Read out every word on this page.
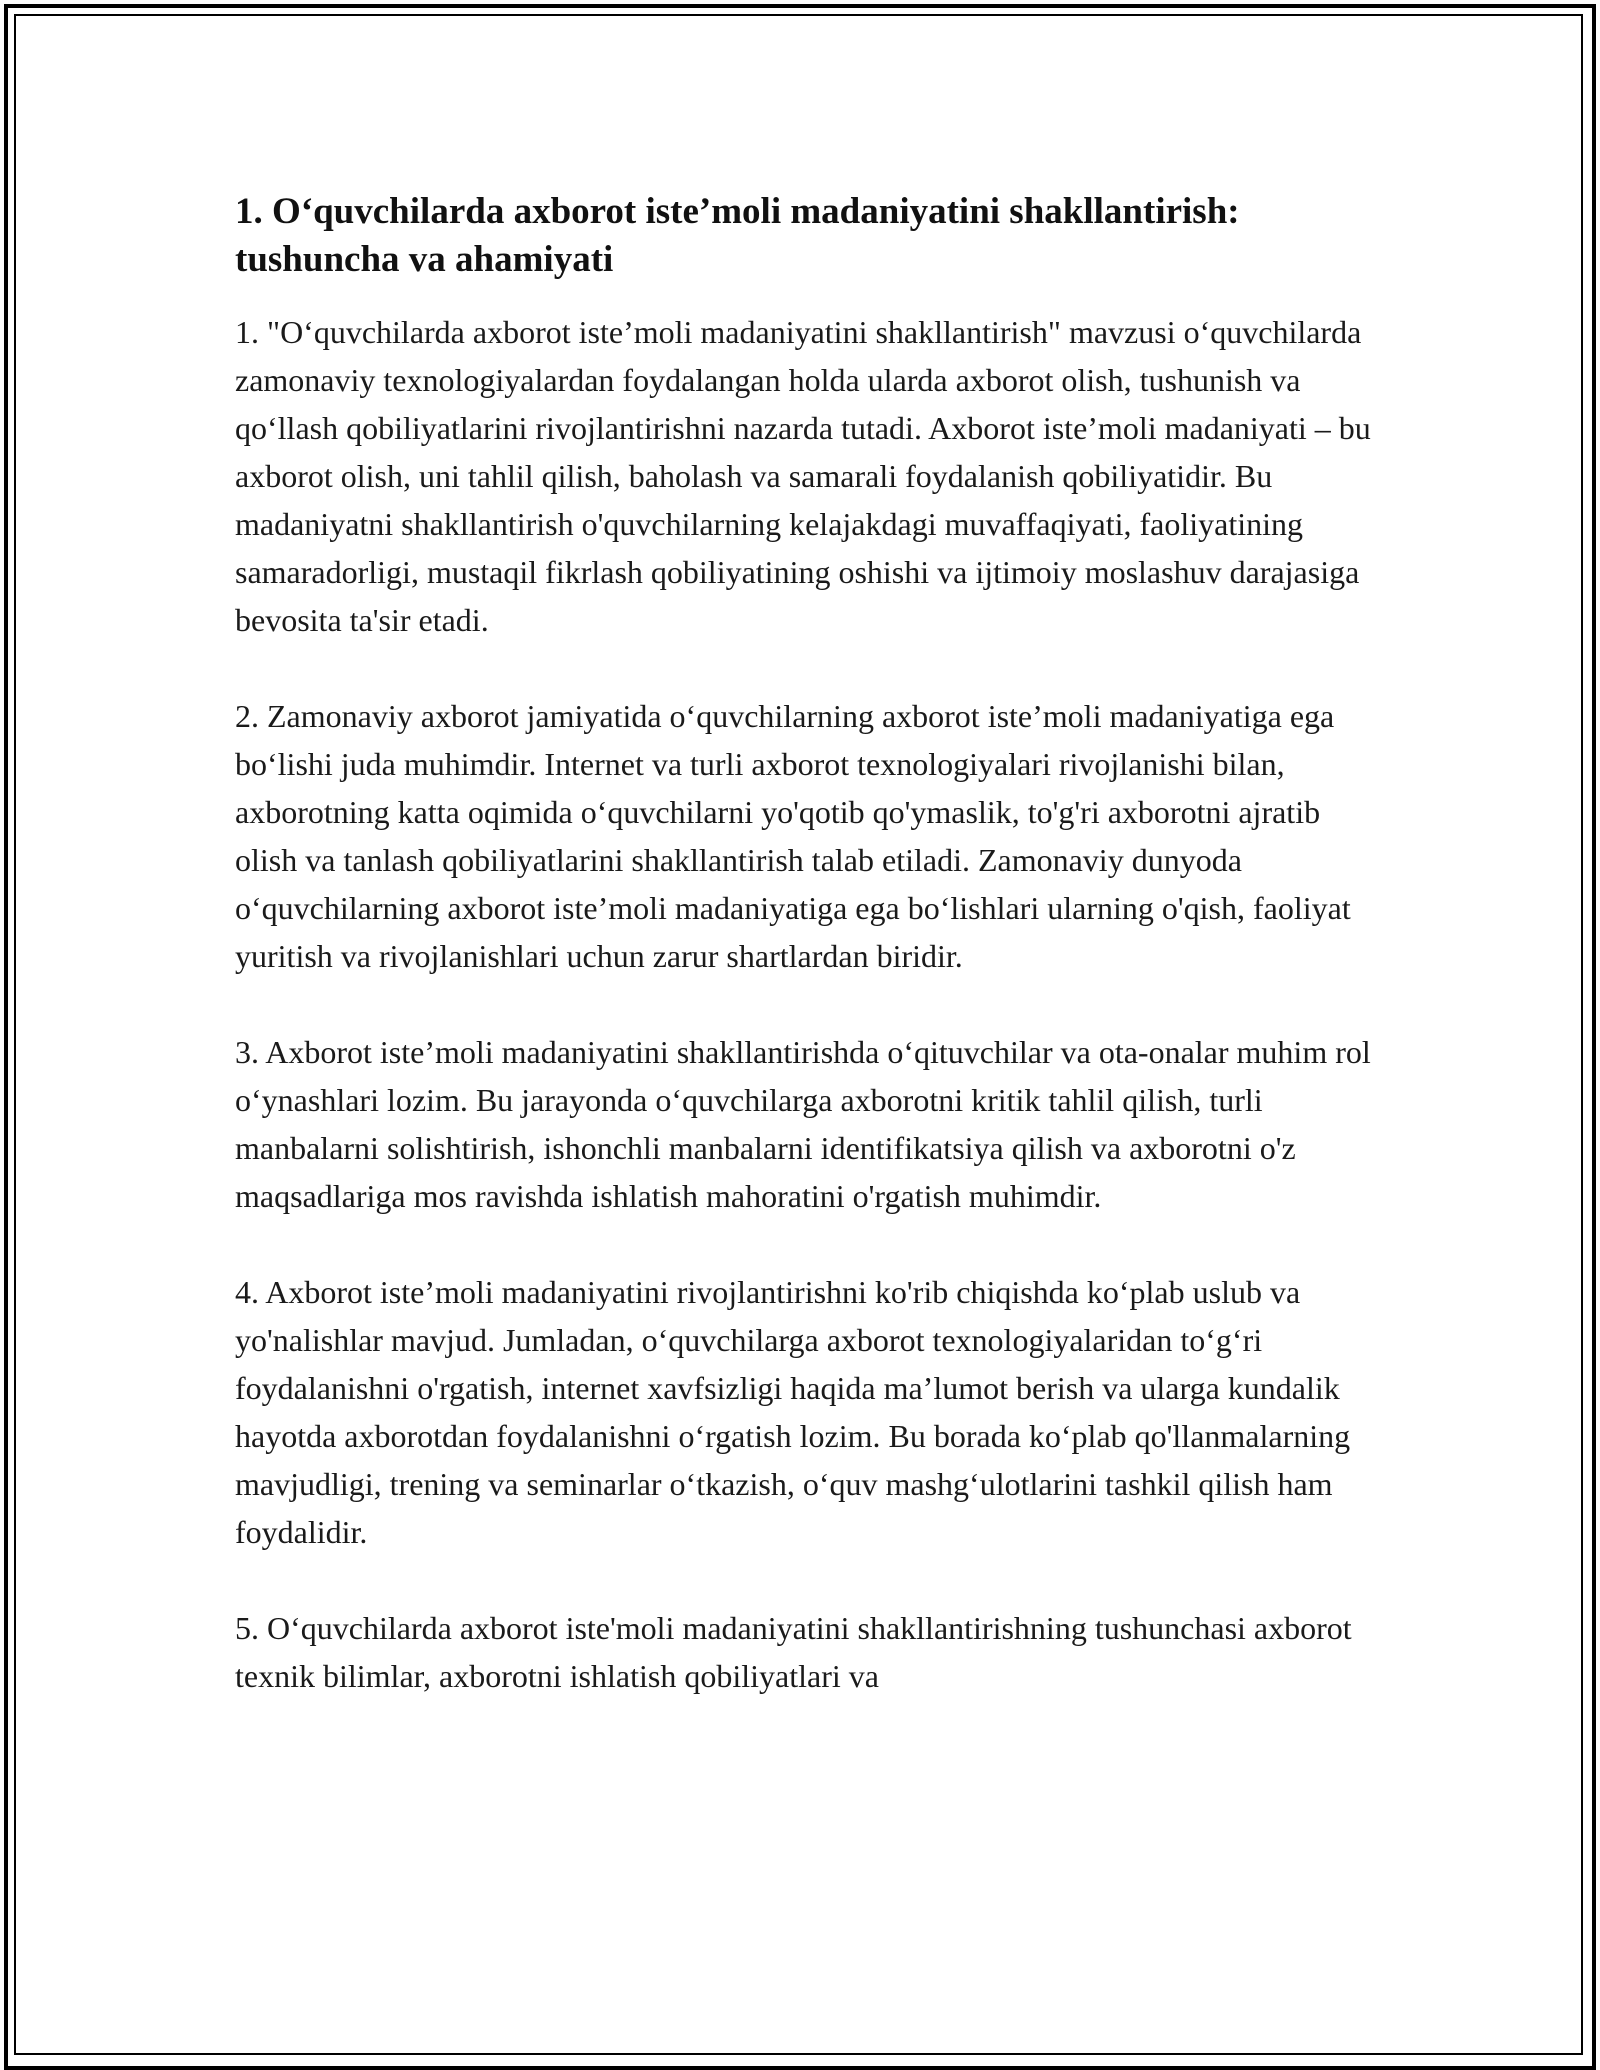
1. O‘quvchilarda axborot iste’moli madaniyatini shakllantirish: tushuncha va ahamiyati

1. "O‘quvchilarda axborot iste’moli madaniyatini shakllantirish" mavzusi o‘quvchilarda zamonaviy texnologiyalardan foydalangan holda ularda axborot olish, tushunish va qo‘llash qobiliyatlarini rivojlantirishni nazarda tutadi. Axborot iste’moli madaniyati – bu axborot olish, uni tahlil qilish, baholash va samarali foydalanish qobiliyatidir. Bu madaniyatni shakllantirish o'quvchilarning kelajakdagi muvaffaqiyati, faoliyatining samaradorligi, mustaqil fikrlash qobiliyatining oshishi va ijtimoiy moslashuv darajasiga bevosita ta'sir etadi.

2. Zamonaviy axborot jamiyatida o‘quvchilarning axborot iste’moli madaniyatiga ega bo‘lishi juda muhimdir. Internet va turli axborot texnologiyalari rivojlanishi bilan, axborotning katta oqimida o‘quvchilarni yo'qotib qo'ymaslik, to'g'ri axborotni ajratib olish va tanlash qobiliyatlarini shakllantirish talab etiladi. Zamonaviy dunyoda o‘quvchilarning axborot iste’moli madaniyatiga ega bo‘lishlari ularning o'qish, faoliyat yuritish va rivojlanishlari uchun zarur shartlardan biridir.

3. Axborot iste’moli madaniyatini shakllantirishda o‘qituvchilar va ota-onalar muhim rol o‘ynashlari lozim. Bu jarayonda o‘quvchilarga axborotni kritik tahlil qilish, turli manbalarni solishtirish, ishonchli manbalarni identifikatsiya qilish va axborotni o'z maqsadlariga mos ravishda ishlatish mahoratini o'rgatish muhimdir.

4. Axborot iste’moli madaniyatini rivojlantirishni ko'rib chiqishda ko‘plab uslub va yo'nalishlar mavjud. Jumladan, o‘quvchilarga axborot texnologiyalaridan to‘g‘ri foydalanishni o'rgatish, internet xavfsizligi haqida ma’lumot berish va ularga kundalik hayotda axborotdan foydalanishni o‘rgatish lozim. Bu borada ko‘plab qo'llanmalarning mavjudligi, trening va seminarlar o‘tkazish, o‘quv mashg‘ulotlarini tashkil qilish ham foydalidir.

5. O‘quvchilarda axborot iste'moli madaniyatini shakllantirishning tushunchasi axborot texnik bilimlar, axborotni ishlatish qobiliyatlari va
